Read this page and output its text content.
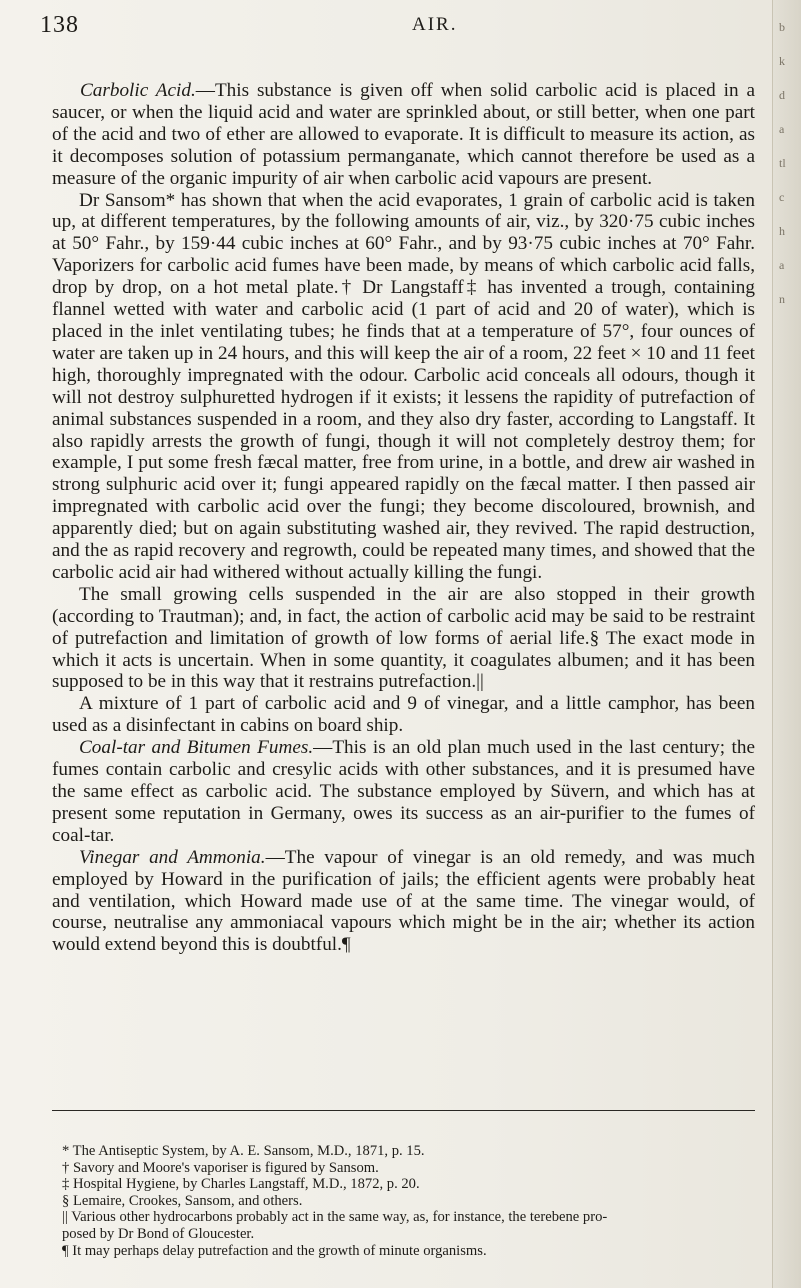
138	AIR.

Carbolic Acid.—This substance is given off when solid carbolic acid is placed in a saucer, or when the liquid acid and water are sprinkled about, or still better, when one part of the acid and two of ether are allowed to evaporate. It is difficult to measure its action, as it decomposes solution of potassium permanganate, which cannot therefore be used as a measure of the organic impurity of air when carbolic acid vapours are present.

Dr Sansom* has shown that when the acid evaporates, 1 grain of carbolic acid is taken up, at different temperatures, by the following amounts of air, viz., by 320·75 cubic inches at 50° Fahr., by 159·44 cubic inches at 60° Fahr., and by 93·75 cubic inches at 70° Fahr. Vaporizers for carbolic acid fumes have been made, by means of which carbolic acid falls, drop by drop, on a hot metal plate.† Dr Langstaff‡ has invented a trough, containing flannel wetted with water and carbolic acid (1 part of acid and 20 of water), which is placed in the inlet ventilating tubes; he finds that at a temperature of 57°, four ounces of water are taken up in 24 hours, and this will keep the air of a room, 22 feet × 10 and 11 feet high, thoroughly impregnated with the odour. Carbolic acid conceals all odours, though it will not destroy sulphuretted hydrogen if it exists; it lessens the rapidity of putrefaction of animal substances suspended in a room, and they also dry faster, according to Langstaff. It also rapidly arrests the growth of fungi, though it will not completely destroy them; for example, I put some fresh fæcal matter, free from urine, in a bottle, and drew air washed in strong sulphuric acid over it; fungi appeared rapidly on the fæcal matter. I then passed air impregnated with carbolic acid over the fungi; they become discoloured, brownish, and apparently died; but on again substituting washed air, they revived. The rapid destruction, and the as rapid recovery and regrowth, could be repeated many times, and showed that the carbolic acid air had withered without actually killing the fungi.

The small growing cells suspended in the air are also stopped in their growth (according to Trautman); and, in fact, the action of carbolic acid may be said to be restraint of putrefaction and limitation of growth of low forms of aerial life.§ The exact mode in which it acts is uncertain. When in some quantity, it coagulates albumen; and it has been supposed to be in this way that it restrains putrefaction.||

A mixture of 1 part of carbolic acid and 9 of vinegar, and a little camphor, has been used as a disinfectant in cabins on board ship.

Coal-tar and Bitumen Fumes.—This is an old plan much used in the last century; the fumes contain carbolic and cresylic acids with other substances, and it is presumed have the same effect as carbolic acid. The substance employed by Süvern, and which has at present some reputation in Germany, owes its success as an air-purifier to the fumes of coal-tar.

Vinegar and Ammonia.—The vapour of vinegar is an old remedy, and was much employed by Howard in the purification of jails; the efficient agents were probably heat and ventilation, which Howard made use of at the same time. The vinegar would, of course, neutralise any ammoniacal vapours which might be in the air; whether its action would extend beyond this is doubtful.¶

* The Antiseptic System, by A. E. Sansom, M.D., 1871, p. 15.
† Savory and Moore's vaporiser is figured by Sansom.
‡ Hospital Hygiene, by Charles Langstaff, M.D., 1872, p. 20.
§ Lemaire, Crookes, Sansom, and others.
|| Various other hydrocarbons probably act in the same way, as, for instance, the terebene pro-
posed by Dr Bond of Gloucester.
¶ It may perhaps delay putrefaction and the growth of minute organisms.
b
k
d
a
tl
c
h
a
n
